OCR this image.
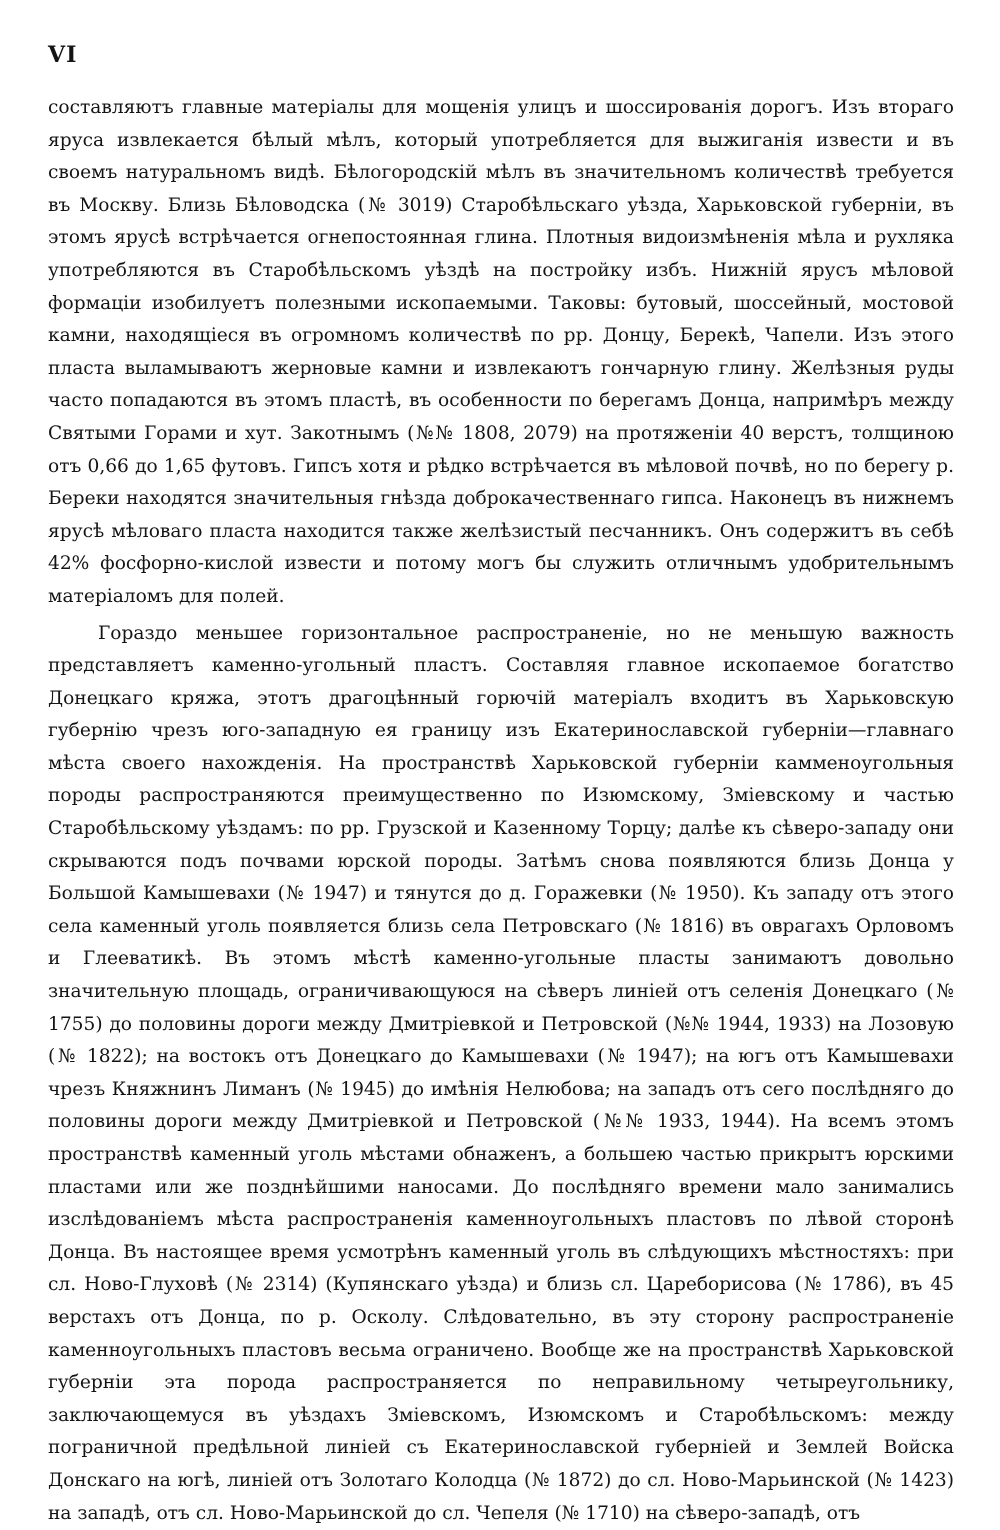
VI

составляютъ главные матеріалы для мощенія улицъ и шоссированія дорогъ. Изъ втораго яруса извлекается бѣлый мѣлъ, который употребляется для выжиганія извести и въ своемъ натуральномъ видѣ. Бѣлогородскій мѣлъ въ значительномъ количествѣ требуется въ Москву. Близь Бѣловодска (№ 3019) Старобѣльскаго уѣзда, Харьковской губерніи, въ этомъ ярусѣ встрѣчается огнепостоянная глина. Плотныя видоизмѣненія мѣла и рухляка употребляются въ Старобѣльскомъ уѣздѣ на постройку избъ. Нижній ярусъ мѣловой формаціи изобилуетъ полезными ископаемыми. Таковы: бутовый, шоссейный, мостовой камни, находящіеся въ огромномъ количествѣ по рр. Донцу, Берекѣ, Чапели. Изъ этого пласта выламываютъ жерновые камни и извлекаютъ гончарную глину. Желѣзныя руды часто попадаются въ этомъ пластѣ, въ особенности по берегамъ Донца, напримѣръ между Святыми Горами и хут. Закотнымъ (№№ 1808, 2079) на протяженіи 40 верстъ, толщиною отъ 0,66 до 1,65 футовъ. Гипсъ хотя и рѣдко встрѣчается въ мѣловой почвѣ, но по берегу р. Береки находятся значительныя гнѣзда доброкачественнаго гипса. Наконецъ въ нижнемъ ярусѣ мѣловаго пласта находится также желѣзистый песчанникъ. Онъ содержитъ въ себѣ 42% фосфорно-кислой извести и потому могъ бы служить отличнымъ удобрительнымъ матеріаломъ для полей.

Гораздо меньшее горизонтальное распространеніе, но не меньшую важность представляетъ каменно-угольный пластъ. Составляя главное ископаемое богатство Донецкаго кряжа, этотъ драгоцѣнный горючій матеріалъ входитъ въ Харьковскую губернію чрезъ юго-западную ея границу изъ Екатеринославской губерніи—главнаго мѣста своего нахожденія. На пространствѣ Харьковской губерніи камменоугольныя породы распространяются преимущественно по Изюмскому, Зміевскому и частью Старобѣльскому уѣздамъ: по рр. Грузской и Казенному Торцу; далѣе къ сѣверо-западу они скрываются подъ почвами юрской породы. Затѣмъ снова появляются близь Донца у Большой Камышевахи (№ 1947) и тянутся до д. Горажевки (№ 1950). Къ западу отъ этого села каменный уголь появляется близь села Петровскаго (№ 1816) въ оврагахъ Орловомъ и Глееватикѣ. Въ этомъ мѣстѣ каменно-угольные пласты занимаютъ довольно значительную площадь, ограничивающуюся на сѣверъ линіей отъ селенія Донецкаго (№ 1755) до половины дороги между Дмитріевкой и Петровской (№№ 1944, 1933) на Лозовую (№ 1822); на востокъ отъ Донецкаго до Камышевахи (№ 1947); на югъ отъ Камышевахи чрезъ Княжнинъ Лиманъ (№ 1945) до имѣнія Нелюбова; на западъ отъ сего послѣдняго до половины дороги между Дмитріевкой и Петровской (№№ 1933, 1944). На всемъ этомъ пространствѣ каменный уголь мѣстами обнаженъ, а большею частью прикрытъ юрскими пластами или же позднѣйшими наносами. До послѣдняго времени мало занимались изслѣдованіемъ мѣста распространенія каменноугольныхъ пластовъ по лѣвой сторонѣ Донца. Въ настоящее время усмотрѣнъ каменный уголь въ слѣдующихъ мѣстностяхъ: при сл. Ново-Глуховѣ (№ 2314) (Купянскаго уѣзда) и близь сл. Цареборисова (№ 1786), въ 45 верстахъ отъ Донца, по р. Осколу. Слѣдовательно, въ эту сторону распространеніе каменноугольныхъ пластовъ весьма ограничено. Вообще же на пространствѣ Харьковской губерніи эта порода распространяется по неправильному четыреугольнику, заключающемуся въ уѣздахъ Зміевскомъ, Изюмскомъ и Старобѣльскомъ: между пограничной предѣльной линіей съ Екатеринославской губерніей и Землей Войска Донскаго на югѣ, линіей отъ Золотаго Колодца (№ 1872) до сл. Ново-Марьинской (№ 1423) на западѣ, отъ сл. Ново-Марьинской до сл. Чепеля (№ 1710) на сѣверо-западѣ, отъ
